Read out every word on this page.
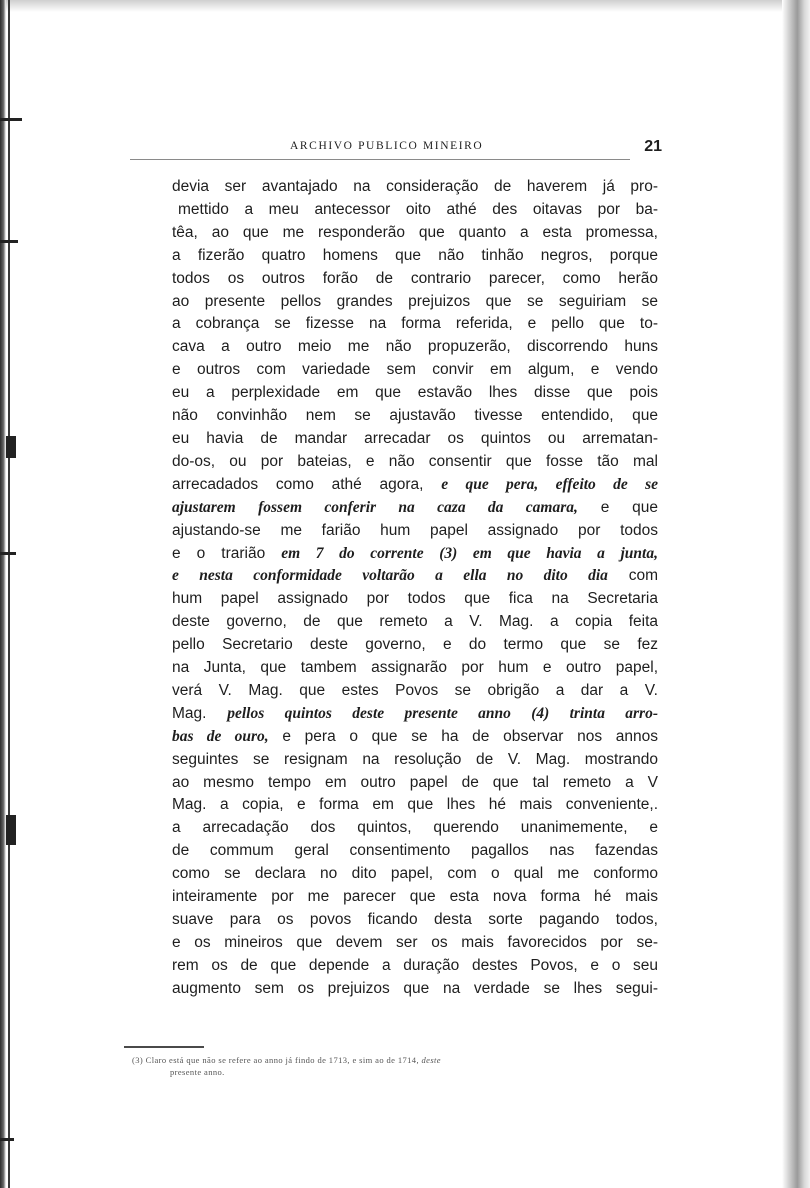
ARCHIVO PUBLICO MINEIRO	21
devia ser avantajado na consideração de haverem já pro-
mettido a meu antecessor oito athé des oitavas por ba-
têa, ao que me responderão que quanto a esta promessa,
a fizerão quatro homens que não tinhão negros, porque
todos os outros forão de contrario parecer, como herão
ao presente pellos grandes prejuizos que se seguiriam se
a cobrança se fizesse na forma referida, e pello que to-
cava a outro meio me não propuzerão, discorrendo huns
e outros com variedade sem convir em algum, e vendo
eu a perplexidade em que estavão lhes disse que pois
não convinhão nem se ajustavão tivesse entendido, que
eu havia de mandar arrecadar os quintos ou arrematan-
do-os, ou por bateias, e não consentir que fosse tão mal
arrecadados como athé agora, e que pera, effeito de se
ajustarem fossem conferir na caza da camara, e que
ajustando-se me farião hum papel assignado por todos
e o trarião em 7 do corrente (3) em que havia a junta,
e nesta conformidade voltarão a ella no dito dia com
hum papel assignado por todos que fica na Secretaria
deste governo, de que remeto a V. Mag. a copia feita
pello Secretario deste governo, e do termo que se fez
na Junta, que tambem assignarão por hum e outro papel,
verá V. Mag. que estes Povos se obrigão a dar a V.
Mag. pellos quintos deste presente anno (4) trinta arro-
bas de ouro, e pera o que se ha de observar nos annos
seguintes se resignam na resolução de V. Mag. mostrando
ao mesmo tempo em outro papel de que tal remeto a V
Mag. a copia, e forma em que lhes hé mais conveniente,.
a arrecadação dos quintos, querendo unanimemente, e
de commum geral consentimento pagallos nas fazendas
como se declara no dito papel, com o qual me conformo
inteiramente por me parecer que esta nova forma hé mais
suave para os povos ficando desta sorte pagando todos,
e os mineiros que devem ser os mais favorecidos por se-
rem os de que depende a duração destes Povos, e o seu
augmento sem os prejuizos que na verdade se lhes segui-
(3) Claro está que não se refere ao anno já findo de 1713, e sim ao de 1714, deste
presente anno.
